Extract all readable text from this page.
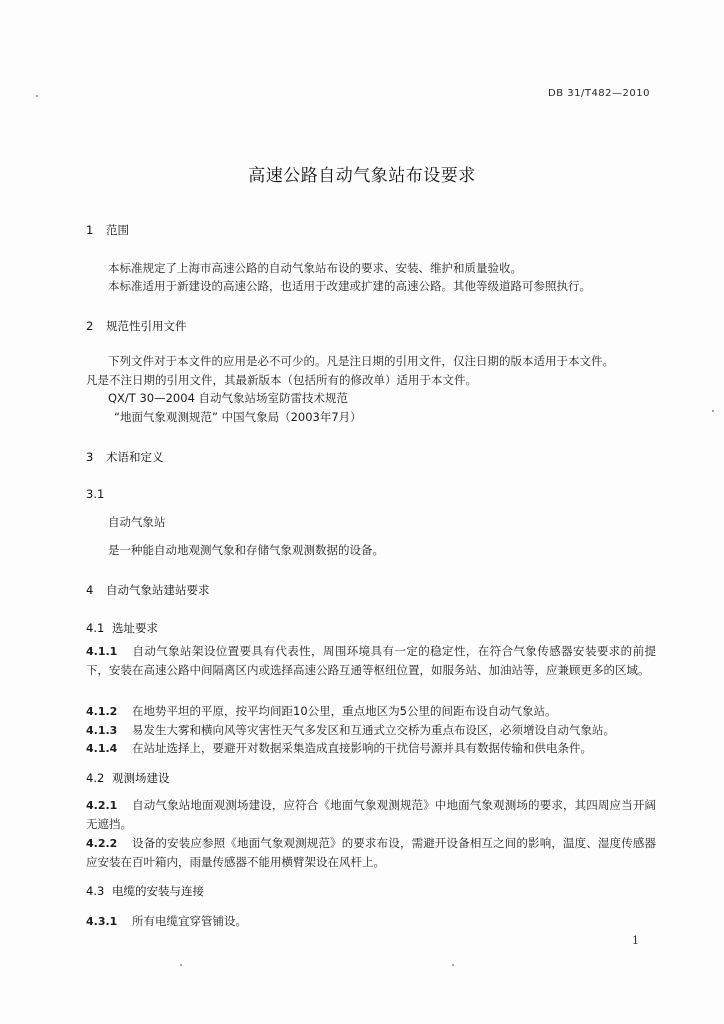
DB 31/T482—2010
高速公路自动气象站布设要求
1 范围
本标准规定了上海市高速公路的自动气象站布设的要求、安装、维护和质量验收。
本标准适用于新建设的高速公路，也适用于改建或扩建的高速公路。其他等级道路可参照执行。
2 规范性引用文件
下列文件对于本文件的应用是必不可少的。凡是注日期的引用文件，仅注日期的版本适用于本文件。
凡是不注日期的引用文件，其最新版本（包括所有的修改单）适用于本文件。
QX/T 30—2004 自动气象站场室防雷技术规范
“地面气象观测规范” 中国气象局（2003年7月）
3 术语和定义
3.1
自动气象站
是一种能自动地观测气象和存储气象观测数据的设备。
4 自动气象站建站要求
4.1 选址要求
4.1.1 自动气象站架设位置要具有代表性，周围环境具有一定的稳定性，在符合气象传感器安装要求的前提下，安装在高速公路中间隔离区内或选择高速公路互通等枢纽位置，如服务站、加油站等，应兼顾更多的区域。
4.1.2 在地势平坦的平原，按平均间距10公里，重点地区为5公里的间距布设自动气象站。
4.1.3 易发生大雾和横向风等灾害性天气多发区和互通式立交桥为重点布设区，必须增设自动气象站。
4.1.4 在站址选择上，要避开对数据采集造成直接影响的干扰信号源并具有数据传输和供电条件。
4.2 观测场建设
4.2.1 自动气象站地面观测场建设，应符合《地面气象观测规范》中地面气象观测场的要求，其四周应当开阔无遮挡。
4.2.2 设备的安装应参照《地面气象观测规范》的要求布设，需避开设备相互之间的影响，温度、湿度传感器应安装在百叶箱内，雨量传感器不能用横臂架设在风杆上。
4.3 电缆的安装与连接
4.3.1 所有电缆宜穿管铺设。
1
